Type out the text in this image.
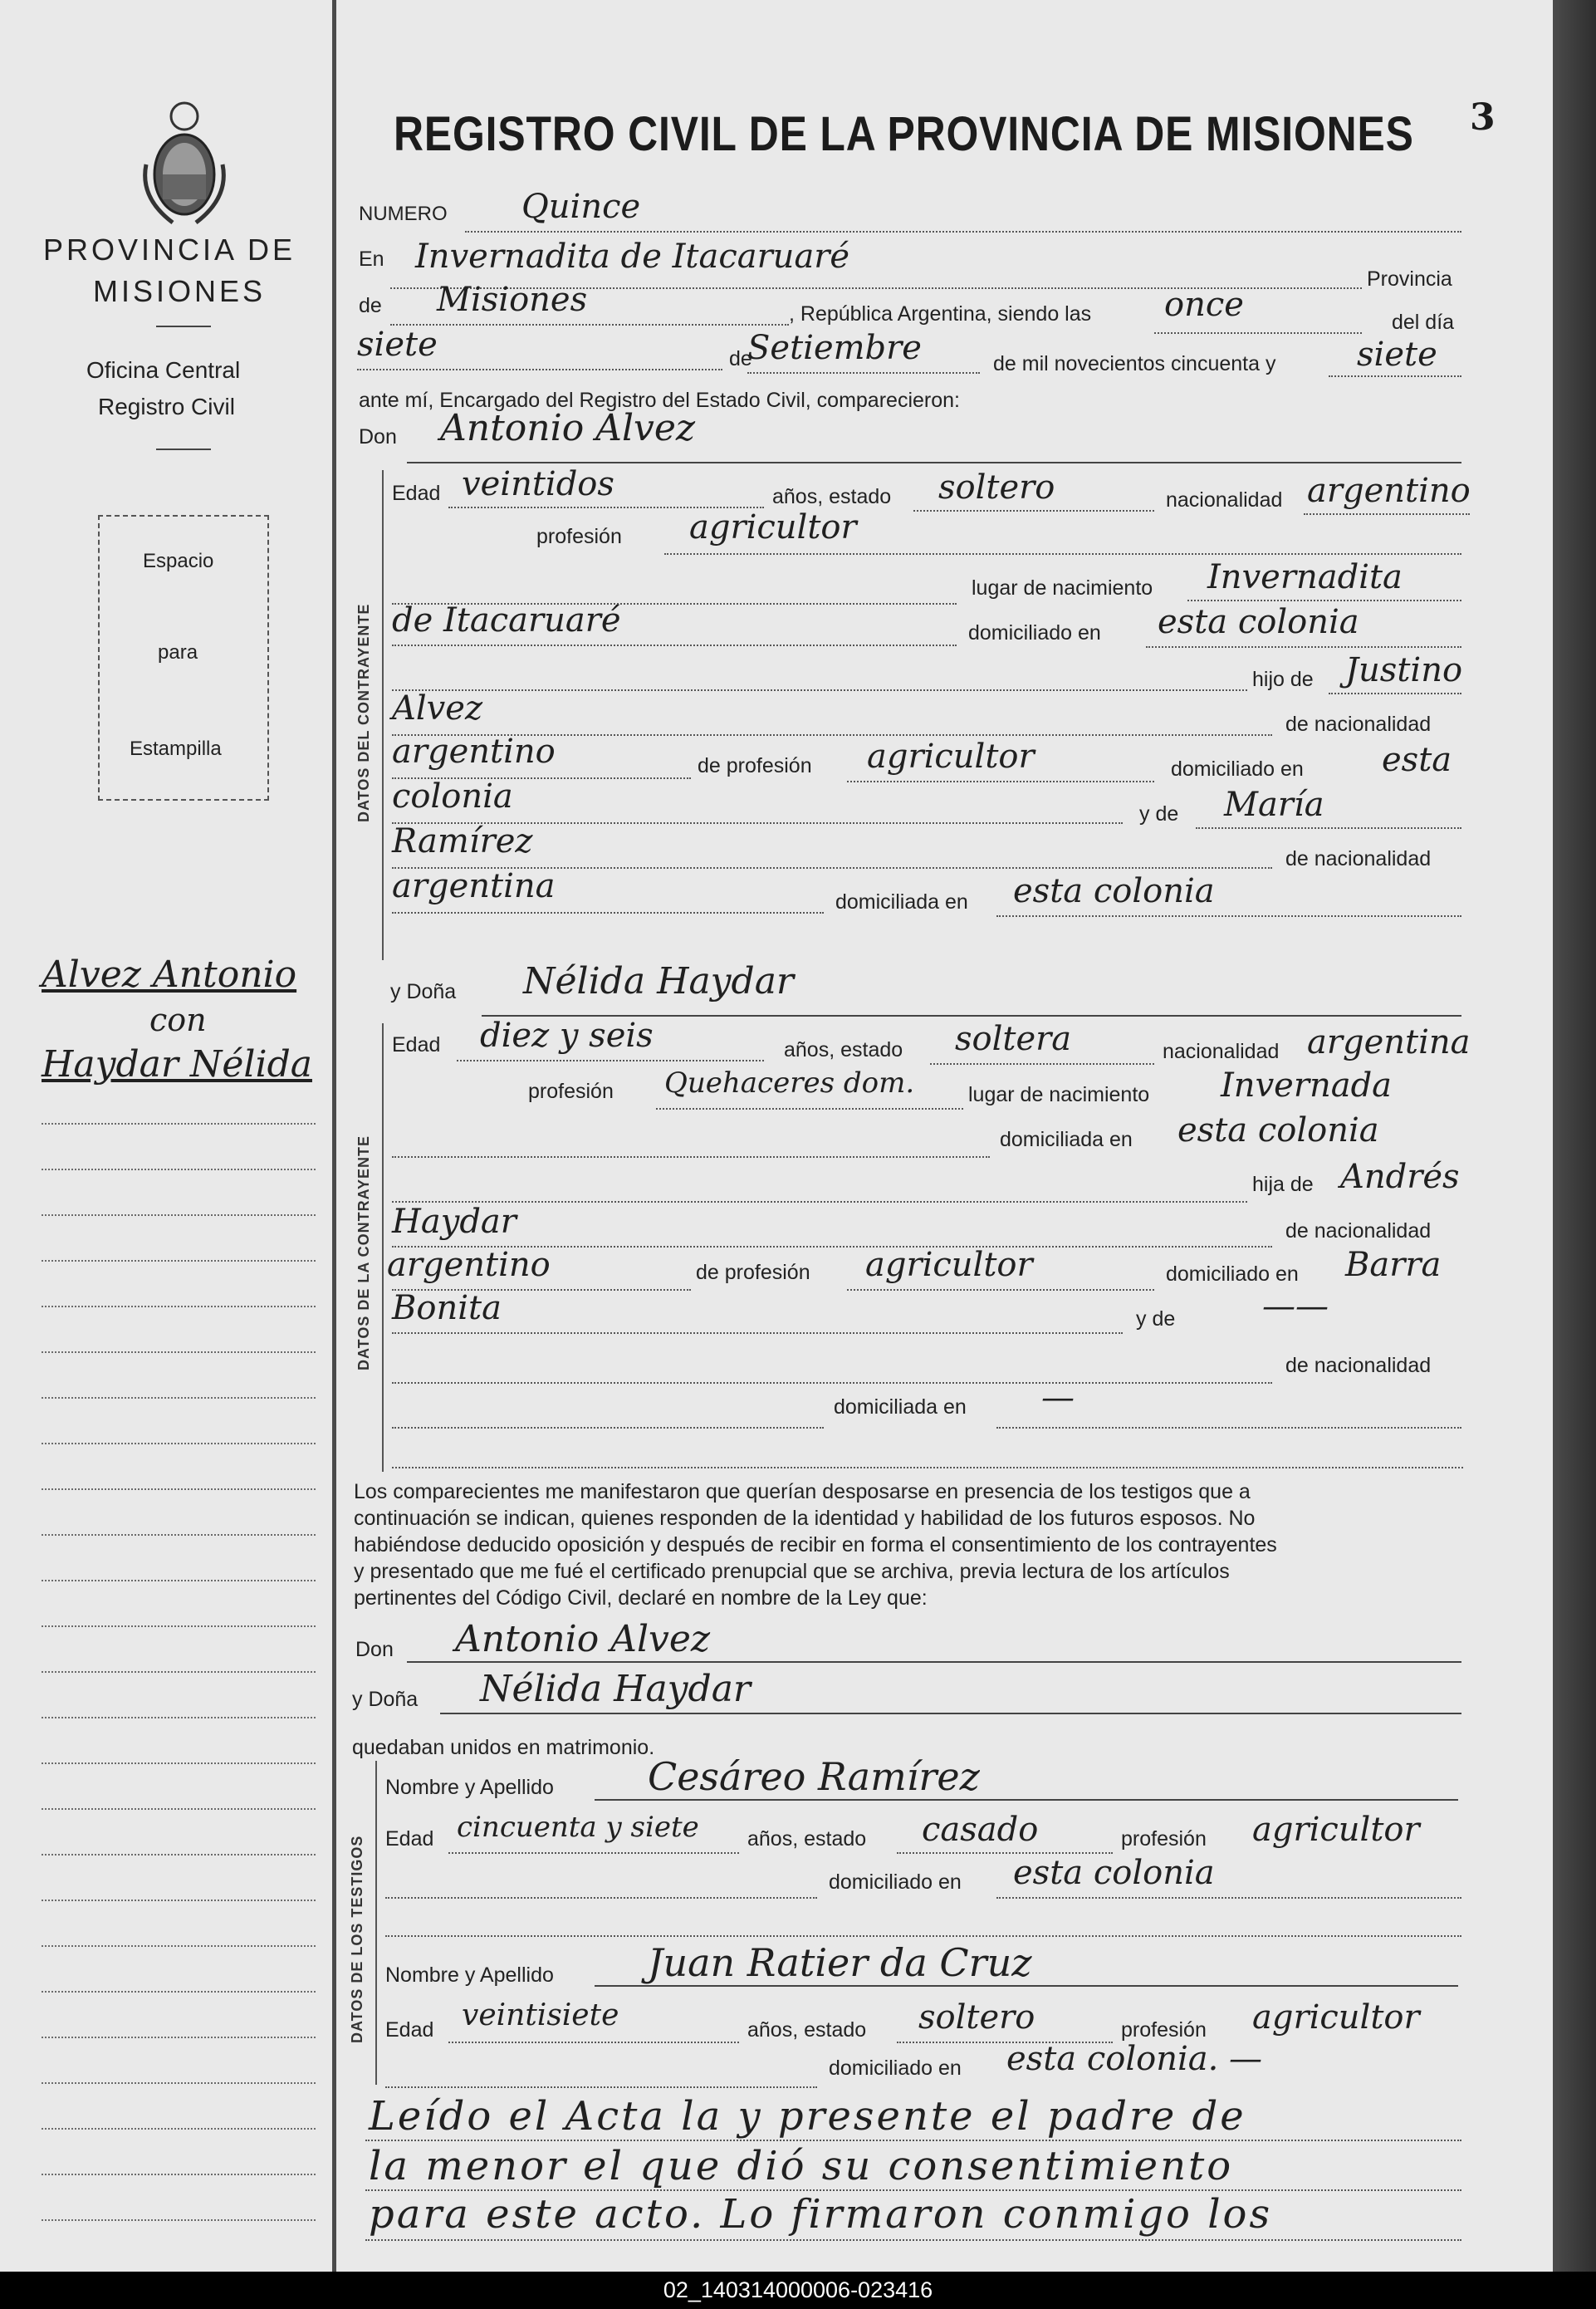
PROVINCIA DE
MISIONES
Oficina Central
Registro Civil
Espacio
para
Estampilla
Alvez Antonio
con
Haydar Nélida
REGISTRO CIVIL DE LA PROVINCIA DE MISIONES 3
NUMERO Quince
En Invernadita de Itacaruaré
Provincia
de Misiones	, República Argentina, siendo las once	del día
siete	de
Setiembre	de mil novecientos cincuenta y siete
ante mí, Encargado del Registro del Estado Civil, comparecieron:
Don Antonio Alvez
DATOS DEL CONTRAYENTE
Edad veintidos	años, estado soltero	nacionalidad argentino
profesión agricultor
lugar de nacimiento Invernadita
de Itacaruaré	domiciliado en esta colonia
hijo de Justino
Alvez	de nacionalidad
argentino	de profesión agricultor	domiciliado en esta
colonia	y de María
Ramírez	de nacionalidad
argentina	domiciliada en esta colonia
y Doña Nélida Haydar
DATOS DE LA CONTRAYENTE
Edad diez y seis	años, estado soltera	nacionalidad argentina
profesión Quehaceres dom.	lugar de nacimiento Invernada
domiciliada en esta colonia
hija de Andrés
Haydar	de nacionalidad
argentino	de profesión agricultor	domiciliado en Barra
Bonita	y de	——
de nacionalidad
domiciliada en —
Los comparecientes me manifestaron que querían desposarse en presencia de los testigos que a
continuación se indican, quienes responden de la identidad y habilidad de los futuros esposos. No
habiéndose deducido oposición y después de recibir en forma el consentimiento de los contrayentes
y presentado que me fué el certificado prenupcial que se archiva, previa lectura de los artículos
pertinentes del Código Civil, declaré en nombre de la Ley que:
Don Antonio Alvez
y Doña Nélida Haydar
quedaban unidos en matrimonio.
DATOS DE LOS TESTIGOS
Nombre y Apellido Cesáreo Ramírez
Edad cincuenta y siete años, estado casado	profesión agricultor
domiciliado en esta colonia
Nombre y Apellido Juan Ratier da Cruz
Edad veintisiete	años, estado soltero	profesión agricultor
domiciliado en esta colonia. —
Leído el Acta la y presente el padre de
la menor el que dió su consentimiento
para este acto. Lo firmaron conmigo los
02_140314000006-023416
